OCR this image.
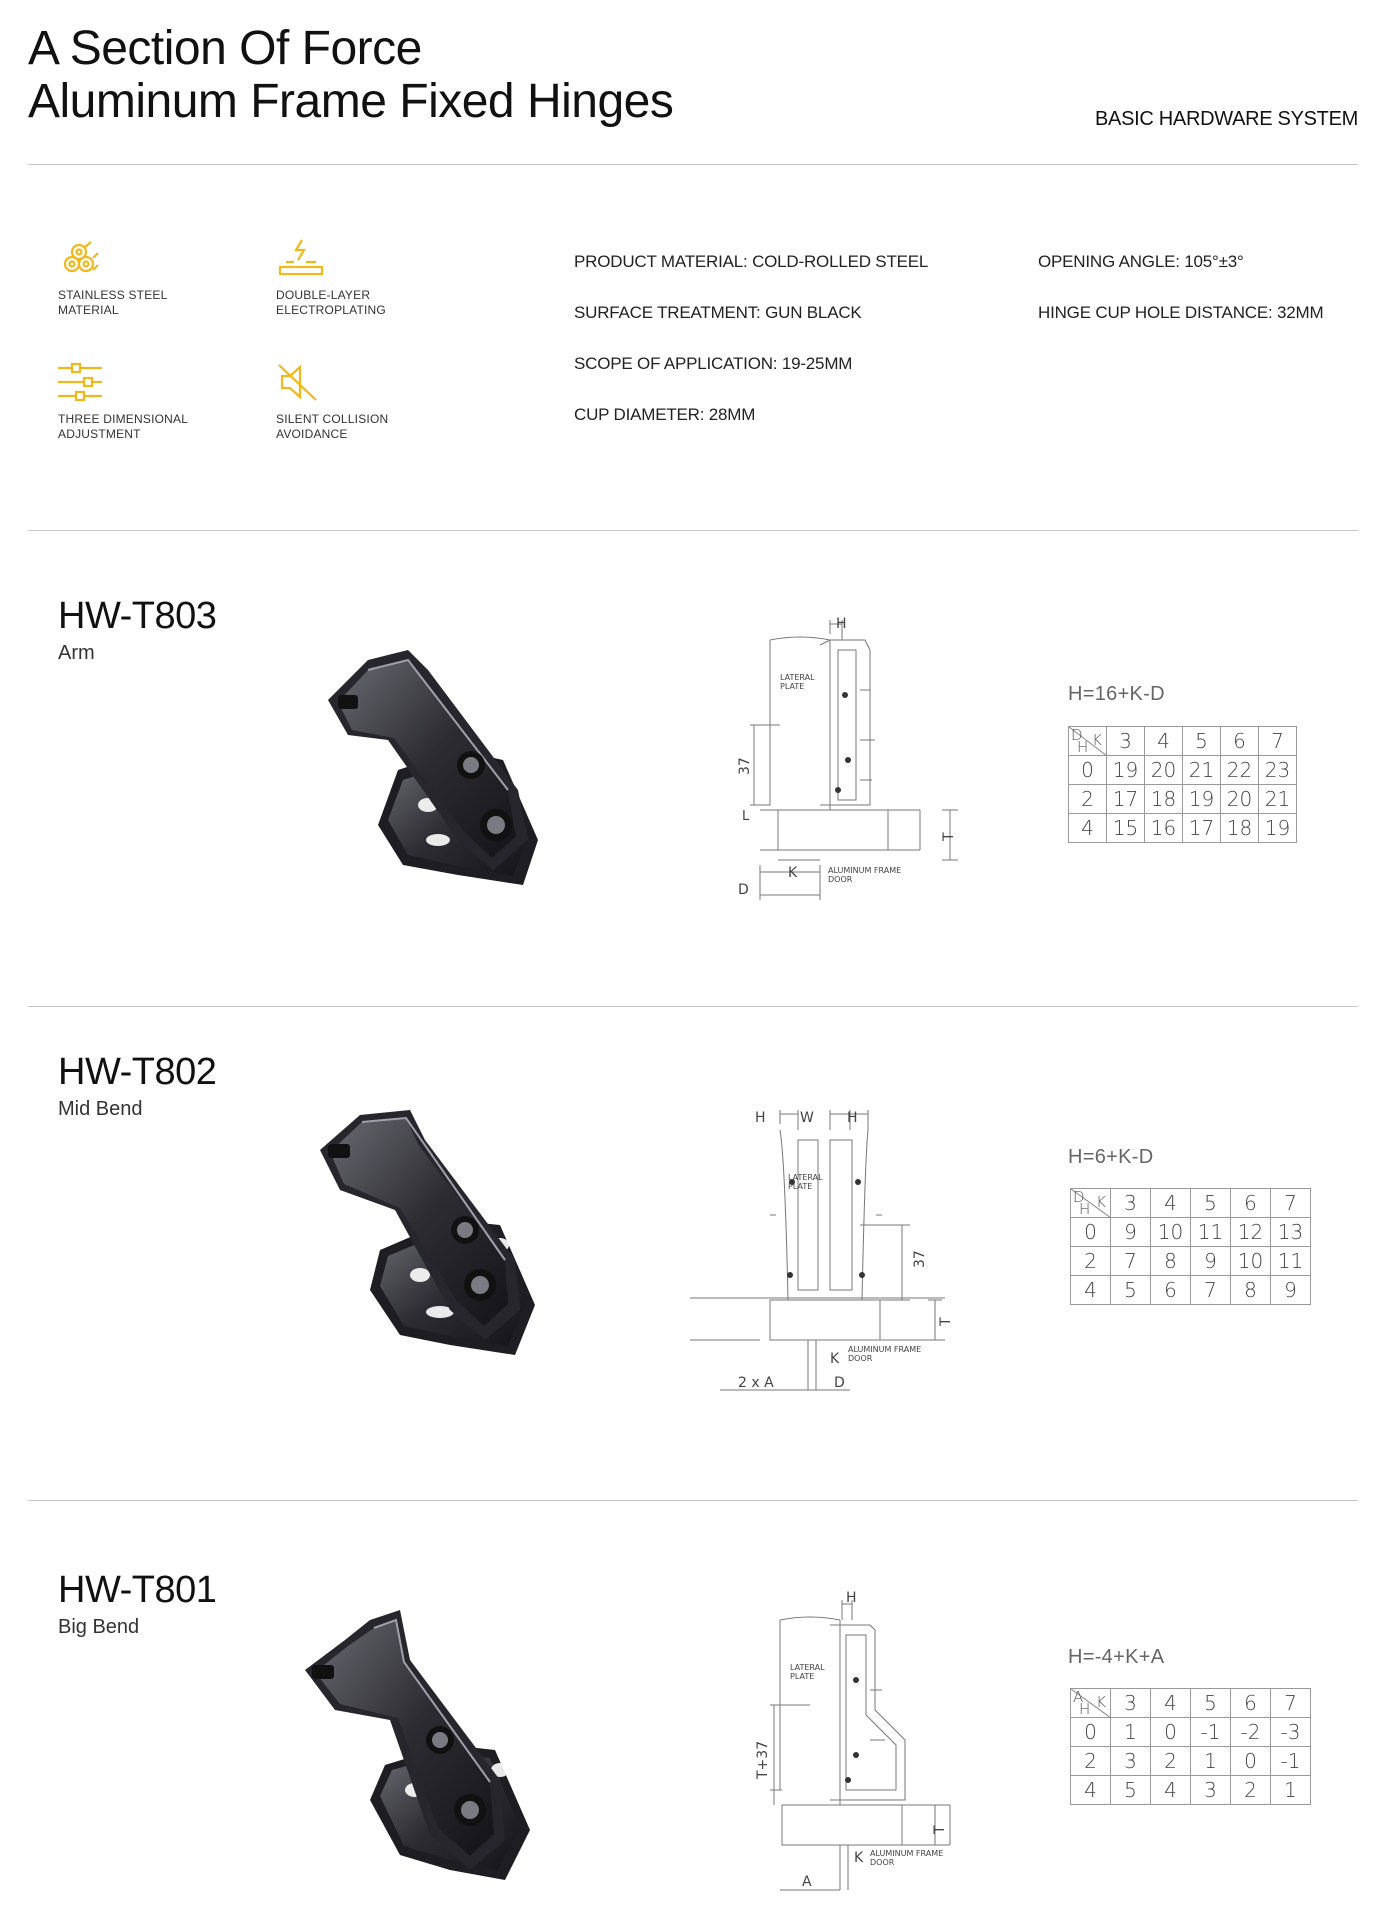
A Section Of Force
Aluminum Frame Fixed Hinges	BASIC HARDWARE SYSTEM
STAINLESS STEEL
MATERIAL
DOUBLE-LAYER
ELECTROPLATING
THREE DIMENSIONAL
ADJUSTMENT
SILENT COLLISION
AVOIDANCE
PRODUCT MATERIAL: COLD-ROLLED STEEL
SURFACE TREATMENT: GUN BLACK
SCOPE OF APPLICATION: 19-25MM
CUP DIAMETER: 28MM
OPENING ANGLE: 105°±3°
HINGE CUP HOLE DISTANCE: 32MM
HW-T803
Arm
H
LATERAL
PLATE
37
L
T
K
D
ALUMINUM FRAME
DOOR
H=16+K-D
D K
H	3	4	5	6	7
0	19	20	21	22	23
2	17	18	19	20	21
4	15	16	17	18	19
HW-T802
Mid Bend	H W H
LATERAL
PLATE
37
T
K
ALUMINUM FRAME
DOOR
2 x A	D
H=6+K-D
D K
H	3	4	5	6	7
0	9	10	11	12	13
2	7	8	9	10	11
4	5	6	7	8	9
HW-T801
Big Bend
H
LATERAL
PLATE
T+37
T
K ALUMINUM FRAME
DOOR
A
H=-4+K+A
A K
H	3	4	5	6	7
0	1	0	-1	-2	-3
2	3	2	1	0	-1
4	5	4	3	2	1
